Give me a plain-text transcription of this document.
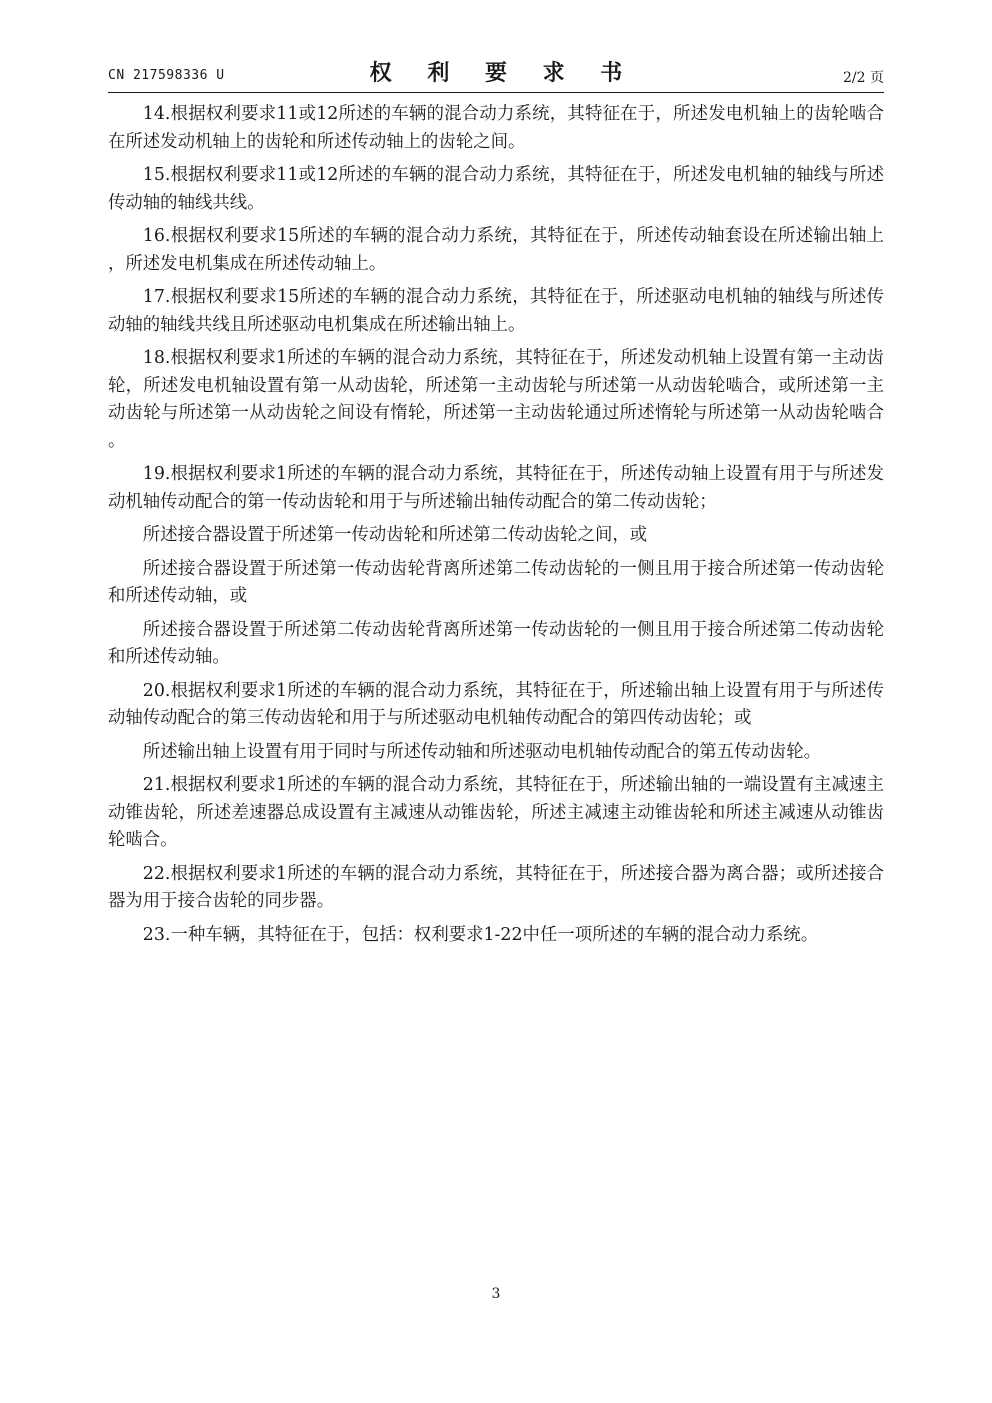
CN 217598336 U	权 利 要 求 书	2/2 页

14.根据权利要求11或12所述的车辆的混合动力系统，其特征在于，所述发电机轴上的齿轮啮合在所述发动机轴上的齿轮和所述传动轴上的齿轮之间。

15.根据权利要求11或12所述的车辆的混合动力系统，其特征在于，所述发电机轴的轴线与所述传动轴的轴线共线。

16.根据权利要求15所述的车辆的混合动力系统，其特征在于，所述传动轴套设在所述输出轴上，所述发电机集成在所述传动轴上。

17.根据权利要求15所述的车辆的混合动力系统，其特征在于，所述驱动电机轴的轴线与所述传动轴的轴线共线且所述驱动电机集成在所述输出轴上。

18.根据权利要求1所述的车辆的混合动力系统，其特征在于，所述发动机轴上设置有第一主动齿轮，所述发电机轴设置有第一从动齿轮，所述第一主动齿轮与所述第一从动齿轮啮合，或所述第一主动齿轮与所述第一从动齿轮之间设有惰轮，所述第一主动齿轮通过所述惰轮与所述第一从动齿轮啮合。

19.根据权利要求1所述的车辆的混合动力系统，其特征在于，所述传动轴上设置有用于与所述发动机轴传动配合的第一传动齿轮和用于与所述输出轴传动配合的第二传动齿轮；

所述接合器设置于所述第一传动齿轮和所述第二传动齿轮之间，或

所述接合器设置于所述第一传动齿轮背离所述第二传动齿轮的一侧且用于接合所述第一传动齿轮和所述传动轴，或

所述接合器设置于所述第二传动齿轮背离所述第一传动齿轮的一侧且用于接合所述第二传动齿轮和所述传动轴。

20.根据权利要求1所述的车辆的混合动力系统，其特征在于，所述输出轴上设置有用于与所述传动轴传动配合的第三传动齿轮和用于与所述驱动电机轴传动配合的第四传动齿轮；或

所述输出轴上设置有用于同时与所述传动轴和所述驱动电机轴传动配合的第五传动齿轮。

21.根据权利要求1所述的车辆的混合动力系统，其特征在于，所述输出轴的一端设置有主减速主动锥齿轮，所述差速器总成设置有主减速从动锥齿轮，所述主减速主动锥齿轮和所述主减速从动锥齿轮啮合。

22.根据权利要求1所述的车辆的混合动力系统，其特征在于，所述接合器为离合器；或所述接合器为用于接合齿轮的同步器。

23.一种车辆，其特征在于，包括：权利要求1-22中任一项所述的车辆的混合动力系统。

3
